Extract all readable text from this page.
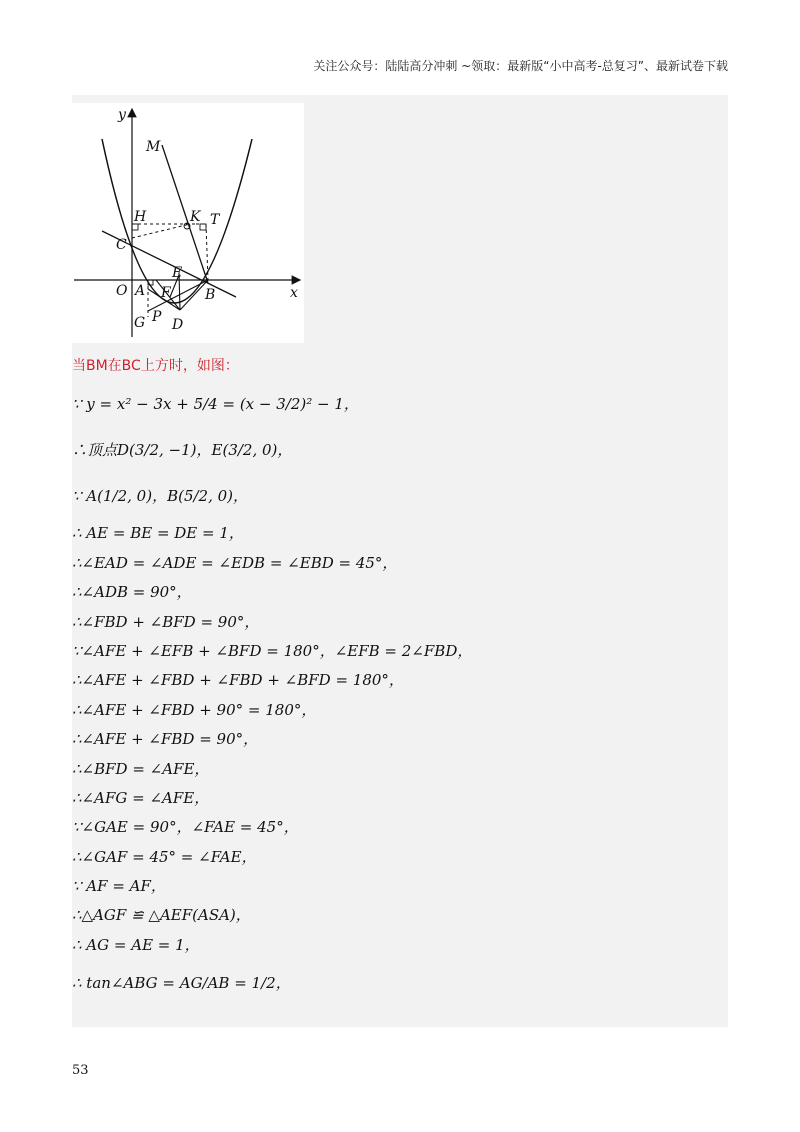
关注公众号：陆陆高分冲刺 ~领取：最新版“小中高考-总复习”、最新试卷下载
y
x
O
M
H	K T
C
E
A F B
G P D
当BM在BC上方时，如图：
∵ y = x² − 3x + 5/4 = (x − 3/2)² − 1，
∴顶点D(3/2, −1)，E(3/2, 0)，
∵ A(1/2, 0)，B(5/2, 0)，
∴ AE = BE = DE = 1，
∴∠EAD = ∠ADE = ∠EDB = ∠EBD = 45°，
∴∠ADB = 90°，
∴∠FBD + ∠BFD = 90°，
∵∠AFE + ∠EFB + ∠BFD = 180°，∠EFB = 2∠FBD，
∴∠AFE + ∠FBD + ∠FBD + ∠BFD = 180°，
∴∠AFE + ∠FBD + 90° = 180°，
∴∠AFE + ∠FBD = 90°，
∴∠BFD = ∠AFE，
∴∠AFG = ∠AFE，
∵∠GAE = 90°，∠FAE = 45°，
∴∠GAF = 45° = ∠FAE，
∵ AF = AF，
∴△AGF ≌ △AEF(ASA)，
∴ AG = AE = 1，
∴ tan∠ABG = AG/AB = 1/2，
53
